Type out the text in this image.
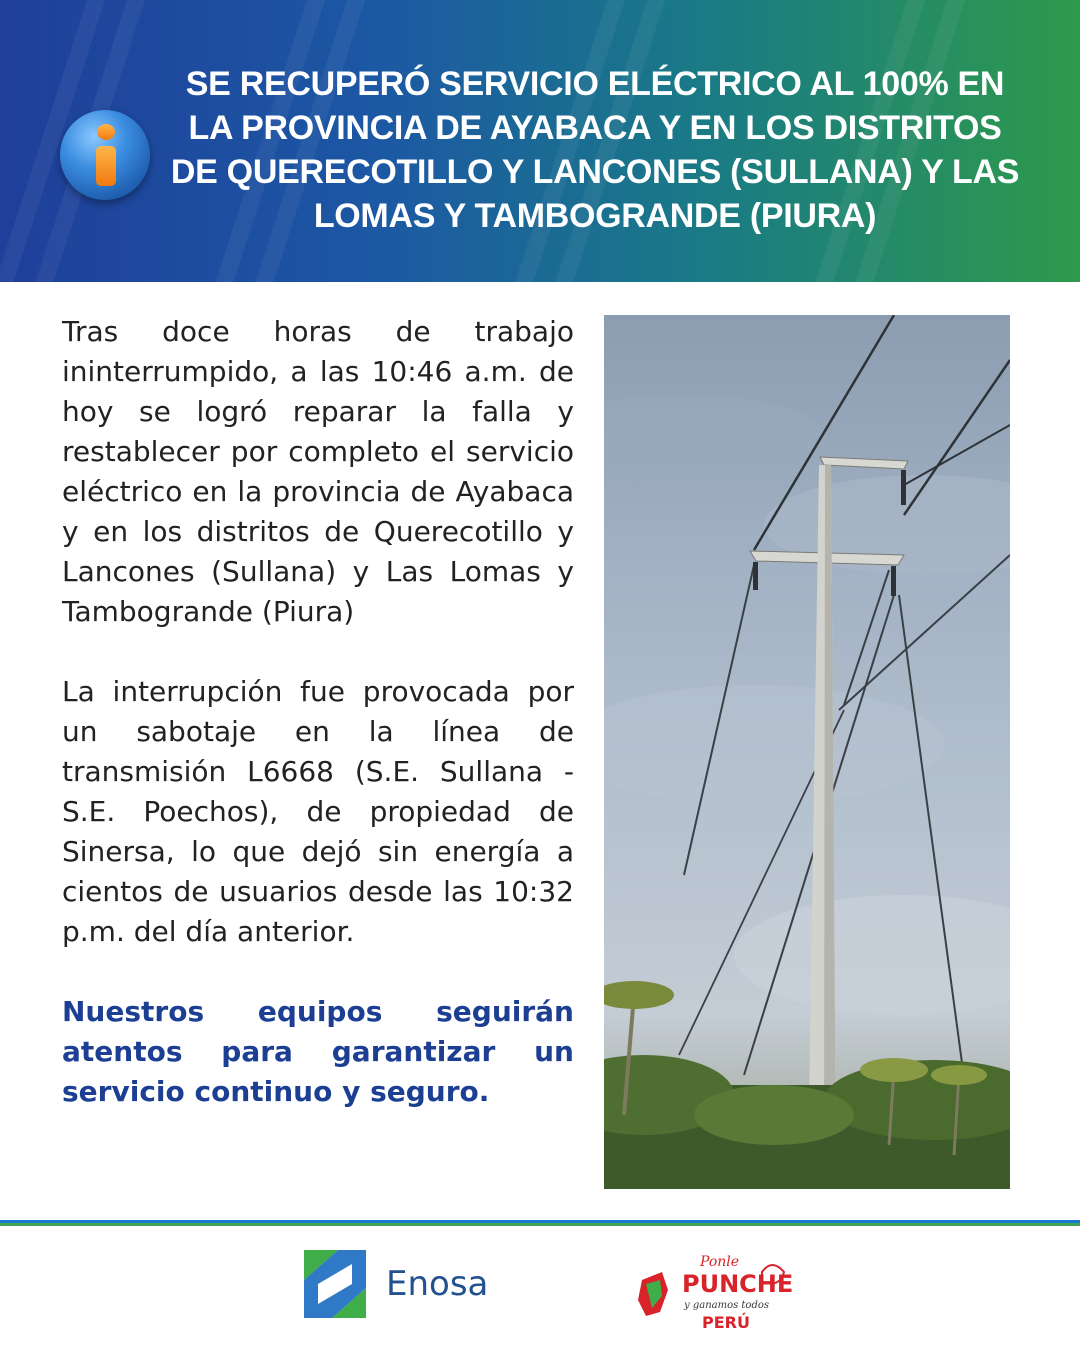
SE RECUPERÓ SERVICIO ELÉCTRICO AL 100% EN LA PROVINCIA DE AYABACA Y EN LOS DISTRITOS DE QUERECOTILLO Y LANCONES (SULLANA) Y LAS LOMAS Y TAMBOGRANDE (PIURA)

Tras doce horas de trabajo ininterrumpido, a las 10:46 a.m. de hoy se logró reparar la falla y restablecer por completo el servicio eléctrico en la provincia de Ayabaca y en los distritos de Querecotillo y Lancones (Sullana) y Las Lomas y Tambogrande (Piura)

La interrupción fue provocada por un sabotaje en la línea de transmisión L6668 (S.E. Sullana - S.E. Poechos), de propiedad de Sinersa, lo que dejó sin energía a cientos de usuarios desde las 10:32 p.m. del día anterior.

Nuestros equipos seguirán atentos para garantizar un servicio continuo y seguro.

Enosa
Ponle
PUNCHE
y ganamos todos
PERÚ
